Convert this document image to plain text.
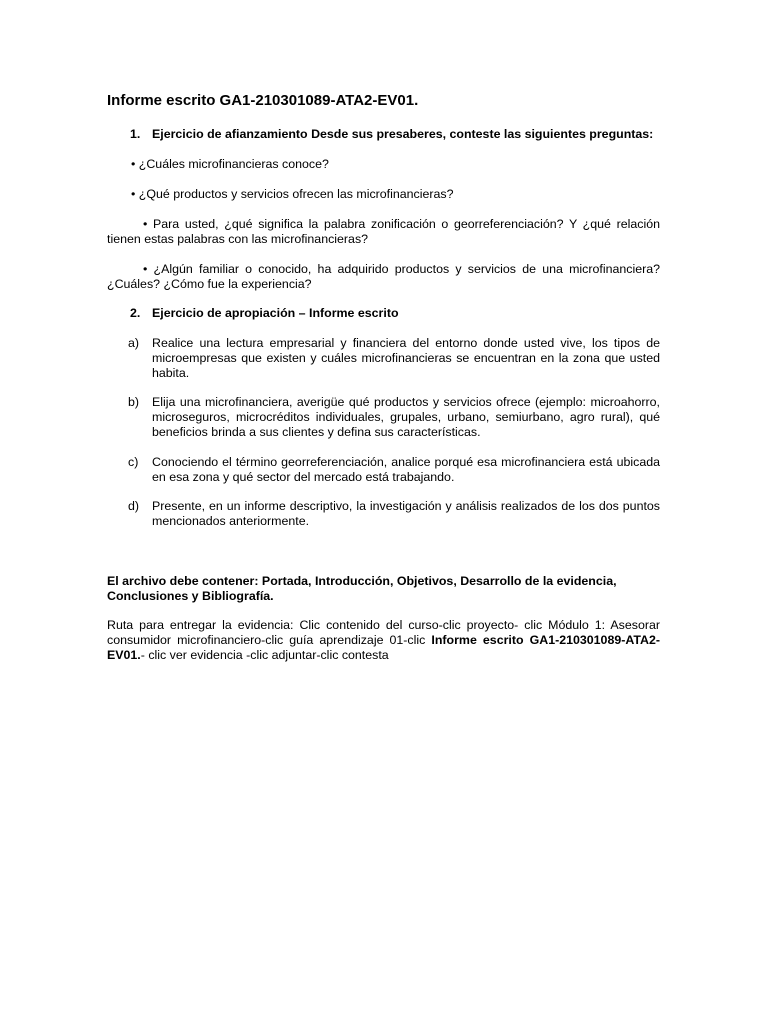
Informe escrito GA1-210301089-ATA2-EV01.
1. Ejercicio de afianzamiento Desde sus presaberes, conteste las siguientes preguntas:
• ¿Cuáles microfinancieras conoce?
• ¿Qué productos y servicios ofrecen las microfinancieras?
• Para usted, ¿qué significa la palabra zonificación o georreferenciación? Y ¿qué relación tienen estas palabras con las microfinancieras?
• ¿Algún familiar o conocido, ha adquirido productos y servicios de una microfinanciera? ¿Cuáles? ¿Cómo fue la experiencia?
2. Ejercicio de apropiación – Informe escrito
a) Realice una lectura empresarial y financiera del entorno donde usted vive, los tipos de microempresas que existen y cuáles microfinancieras se encuentran en la zona que usted habita.
b) Elija una microfinanciera, averigüe qué productos y servicios ofrece (ejemplo: microahorro, microseguros, microcréditos individuales, grupales, urbano, semiurbano, agro rural), qué beneficios brinda a sus clientes y defina sus características.
c) Conociendo el término georreferenciación, analice porqué esa microfinanciera está ubicada en esa zona y qué sector del mercado está trabajando.
d) Presente, en un informe descriptivo, la investigación y análisis realizados de los dos puntos mencionados anteriormente.
El archivo debe contener: Portada, Introducción, Objetivos, Desarrollo de la evidencia, Conclusiones y Bibliografía.
Ruta para entregar la evidencia: Clic contenido del curso-clic proyecto- clic Módulo 1: Asesorar consumidor microfinanciero-clic guía aprendizaje 01-clic Informe escrito GA1-210301089-ATA2-EV01.- clic ver evidencia -clic adjuntar-clic contesta
